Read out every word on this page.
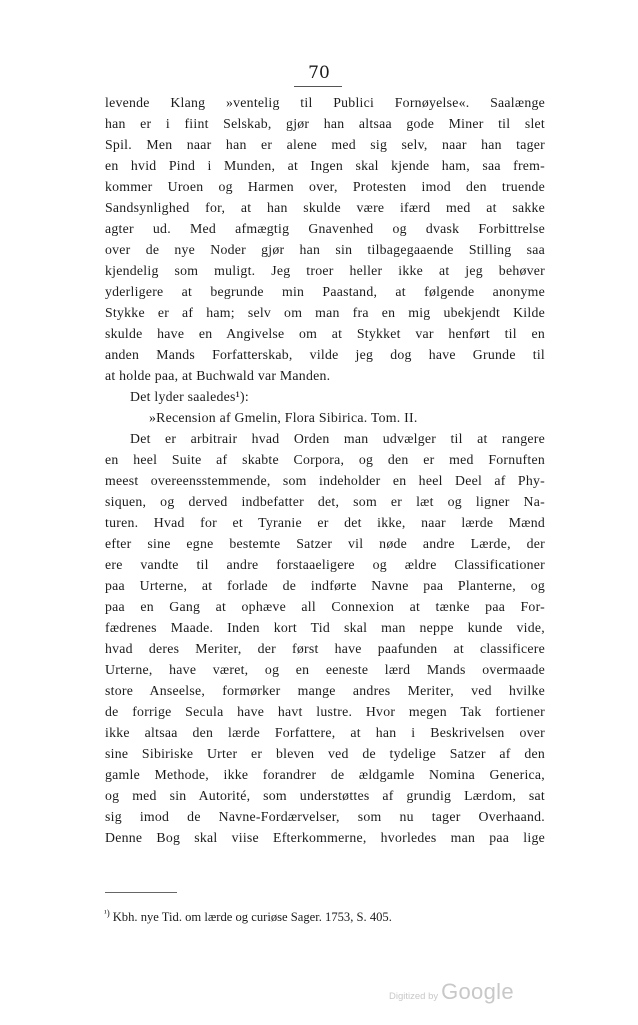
70
levende Klang »ventelig til Publici Fornøyelse«. Saalænge
han er i fiint Selskab, gjør han altsaa gode Miner til slet
Spil. Men naar han er alene med sig selv, naar han tager
en hvid Pind i Munden, at Ingen skal kjende ham, saa frem-
kommer Uroen og Harmen over, Protesten imod den truende
Sandsynlighed for, at han skulde være ifærd med at sakke
agter ud. Med afmægtig Gnavenhed og dvask Forbittrelse
over de nye Noder gjør han sin tilbagegaaende Stilling saa
kjendelig som muligt. Jeg troer heller ikke at jeg behøver
yderligere at begrunde min Paastand, at følgende anonyme
Stykke er af ham; selv om man fra en mig ubekjendt Kilde
skulde have en Angivelse om at Stykket var henført til en
anden Mands Forfatterskab, vilde jeg dog have Grunde til
at holde paa, at Buchwald var Manden.
Det lyder saaledes¹):
»Recension af Gmelin, Flora Sibirica. Tom. II.
Det er arbitrair hvad Orden man udvælger til at rangere
en heel Suite af skabte Corpora, og den er med Fornuften
meest overeensstemmende, som indeholder en heel Deel af Phy-
siquen, og derved indbefatter det, som er læt og ligner Na-
turen. Hvad for et Tyranie er det ikke, naar lærde Mænd
efter sine egne bestemte Satzer vil nøde andre Lærde, der
ere vandte til andre forstaaeligere og ældre Classificationer
paa Urterne, at forlade de indførte Navne paa Planterne, og
paa en Gang at ophæve all Connexion at tænke paa For-
fædrenes Maade. Inden kort Tid skal man neppe kunde vide,
hvad deres Meriter, der først have paafunden at classificere
Urterne, have været, og en eeneste lærd Mands overmaade
store Anseelse, formørker mange andres Meriter, ved hvilke
de forrige Secula have havt lustre. Hvor megen Tak fortiener
ikke altsaa den lærde Forfattere, at han i Beskrivelsen over
sine Sibiriske Urter er bleven ved de tydelige Satzer af den
gamle Methode, ikke forandrer de ældgamle Nomina Generica,
og med sin Autorité, som understøttes af grundig Lærdom, sat
sig imod de Navne-Fordærvelser, som nu tager Overhaand.
Denne Bog skal viise Efterkommerne, hvorledes man paa lige
$^{^1)}$ Kbh. nye Tid. om lærde og curiøse Sager. 1753, S. 405.
Digitized by Google
